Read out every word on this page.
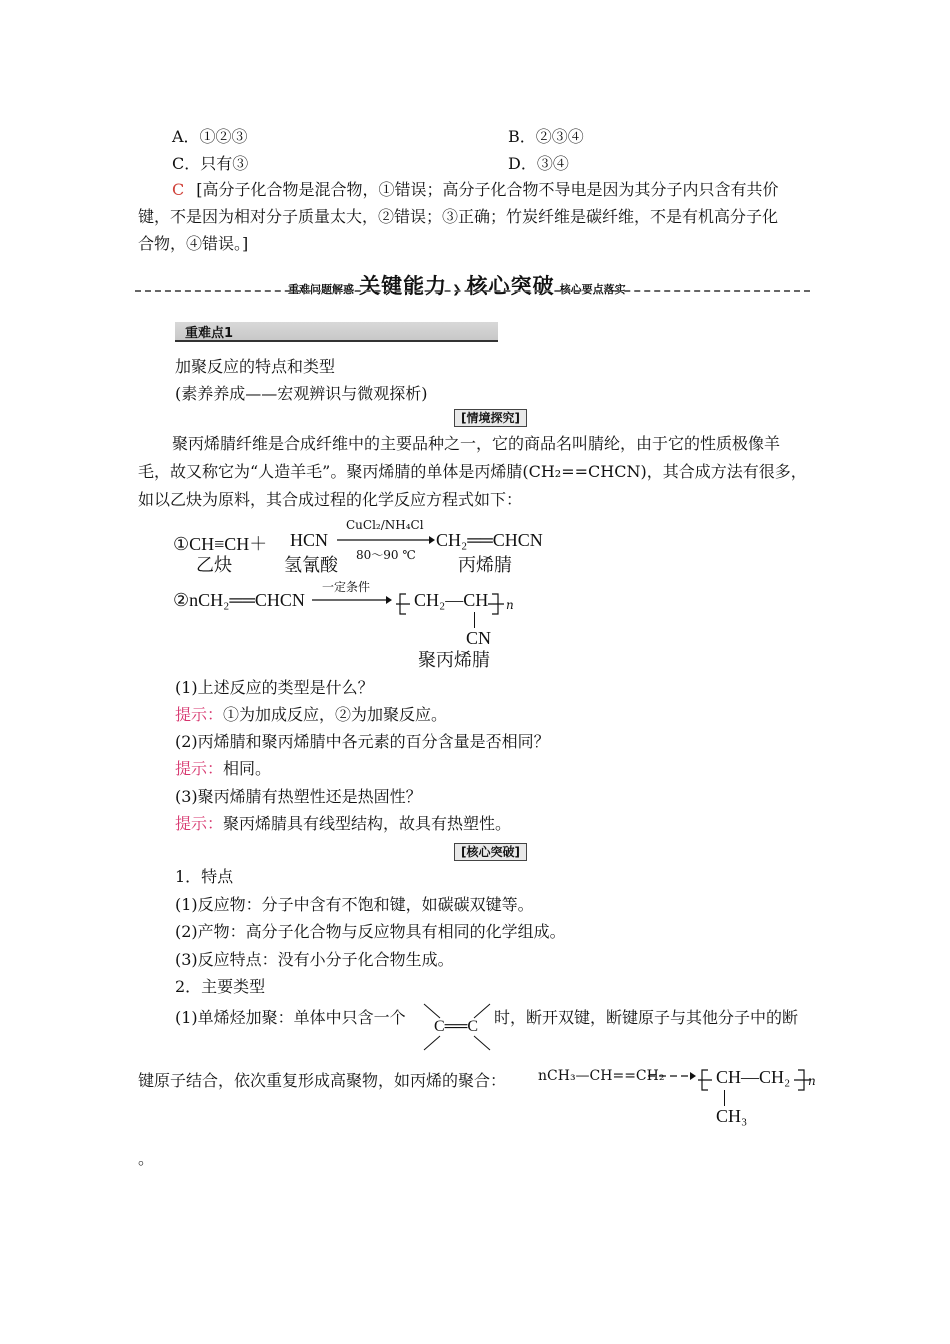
A．①②③	B．②③④
C．只有③	D．③④
C [高分子化合物是混合物，①错误；高分子化合物不导电是因为其分子内只含有共价
键，不是因为相对分子质量太大，②错误；③正确；竹炭纤维是碳纤维，不是有机高分子化
合物，④错误。]
重难问题解惑 关键能力 ❯ 核心突破 核心要点落实
重难点1
加聚反应的特点和类型
(素养养成——宏观辨识与微观探析)
[情境探究]
聚丙烯腈纤维是合成纤维中的主要品种之一，它的商品名叫腈纶，由于它的性质极像羊
毛，故又称它为“人造羊毛”。聚丙烯腈的单体是丙烯腈(CH₂==CHCN)，其合成方法有很多，
如以乙炔为原料，其合成过程的化学反应方程式如下：
①CH≡CH＋ HCN
CuCl₂/NH₄Cl
80～90 ℃
CH₂══CHCN
乙炔	氢氰酸	丙烯腈
②nCH₂══CHCN
一定条件
CH₂—CH n
CN
聚丙烯腈
(1)上述反应的类型是什么？
提示：①为加成反应，②为加聚反应。
(2)丙烯腈和聚丙烯腈中各元素的百分含量是否相同？
提示：相同。
(3)聚丙烯腈有热塑性还是热固性？
提示：聚丙烯腈具有线型结构，故具有热塑性。
[核心突破]
1．特点
(1)反应物：分子中含有不饱和键，如碳碳双键等。
(2)产物：高分子化合物与反应物具有相同的化学组成。
(3)反应特点：没有小分子化合物生成。
2．主要类型
(1)单烯烃加聚：单体中只含一个 C══C 时，断开双键，断键原子与其他分子中的断
键原子结合，依次重复形成高聚物，如丙烯的聚合： nCH₃—CH==CH₂	CH—CH₂ n
CH₃
。
